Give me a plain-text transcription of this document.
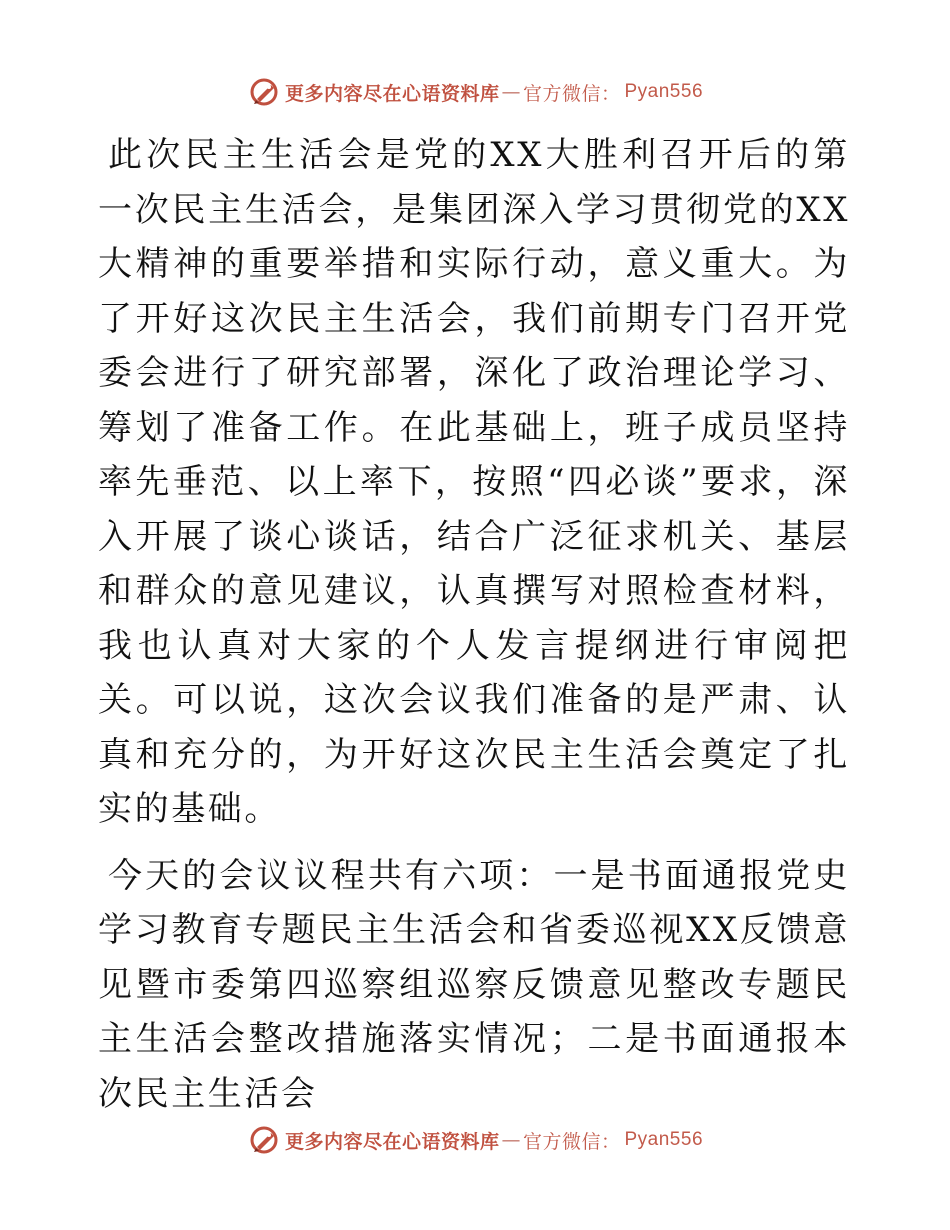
更多内容尽在心语资料库 — 官方微信： Pyan556

此次民主生活会是党的XX大胜利召开后的第一次民主生活会，是集团深入学习贯彻党的XX大精神的重要举措和实际行动，意义重大。为了开好这次民主生活会，我们前期专门召开党委会进行了研究部署，深化了政治理论学习、筹划了准备工作。在此基础上，班子成员坚持率先垂范、以上率下，按照“四必谈”要求，深入开展了谈心谈话，结合广泛征求机关、基层和群众的意见建议，认真撰写对照检查材料，我也认真对大家的个人发言提纲进行审阅把关。可以说，这次会议我们准备的是严肃、认真和充分的，为开好这次民主生活会奠定了扎实的基础。

今天的会议议程共有六项：一是书面通报党史学习教育专题民主生活会和省委巡视XX反馈意见暨市委第四巡察组巡察反馈意见整改专题民主生活会整改措施落实情况；二是书面通报本次民主生活会

更多内容尽在心语资料库 — 官方微信： Pyan556
